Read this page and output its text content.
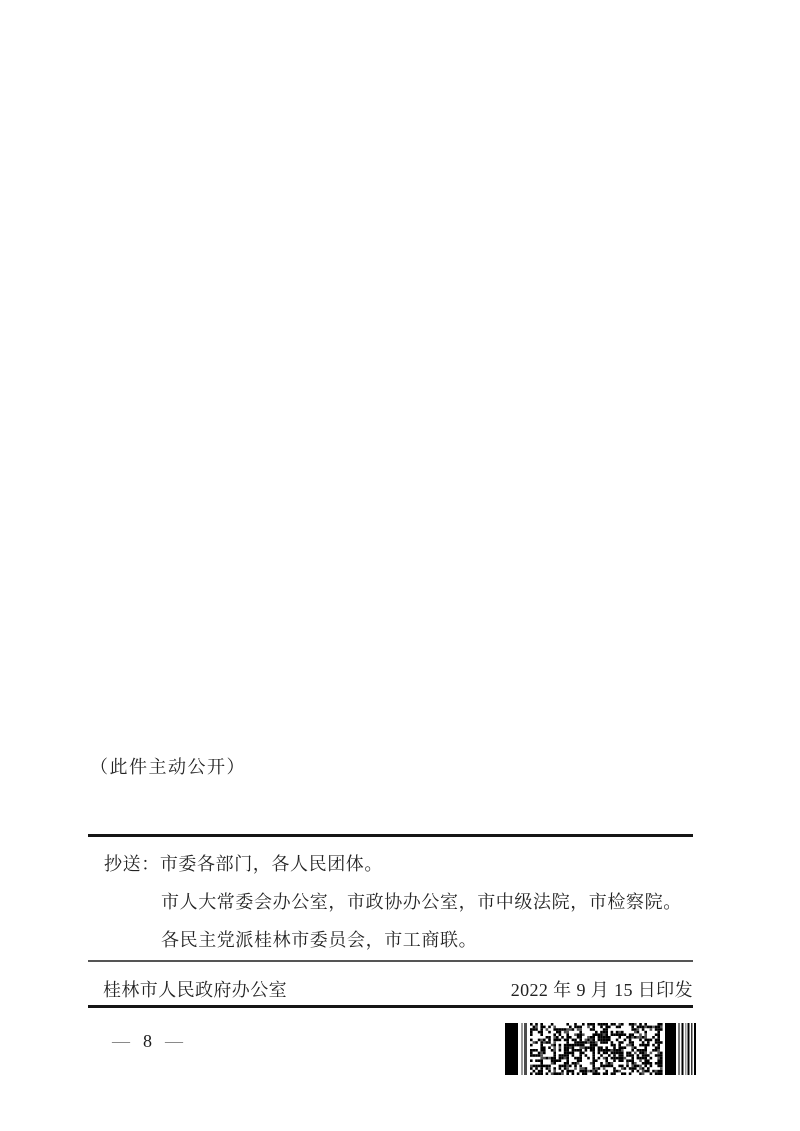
（此件主动公开）
抄送：市委各部门，各人民团体。
市人大常委会办公室，市政协办公室，市中级法院，市检察院。
各民主党派桂林市委员会，市工商联。
桂林市人民政府办公室	2022 年 9 月 15 日印发
— 8 —
